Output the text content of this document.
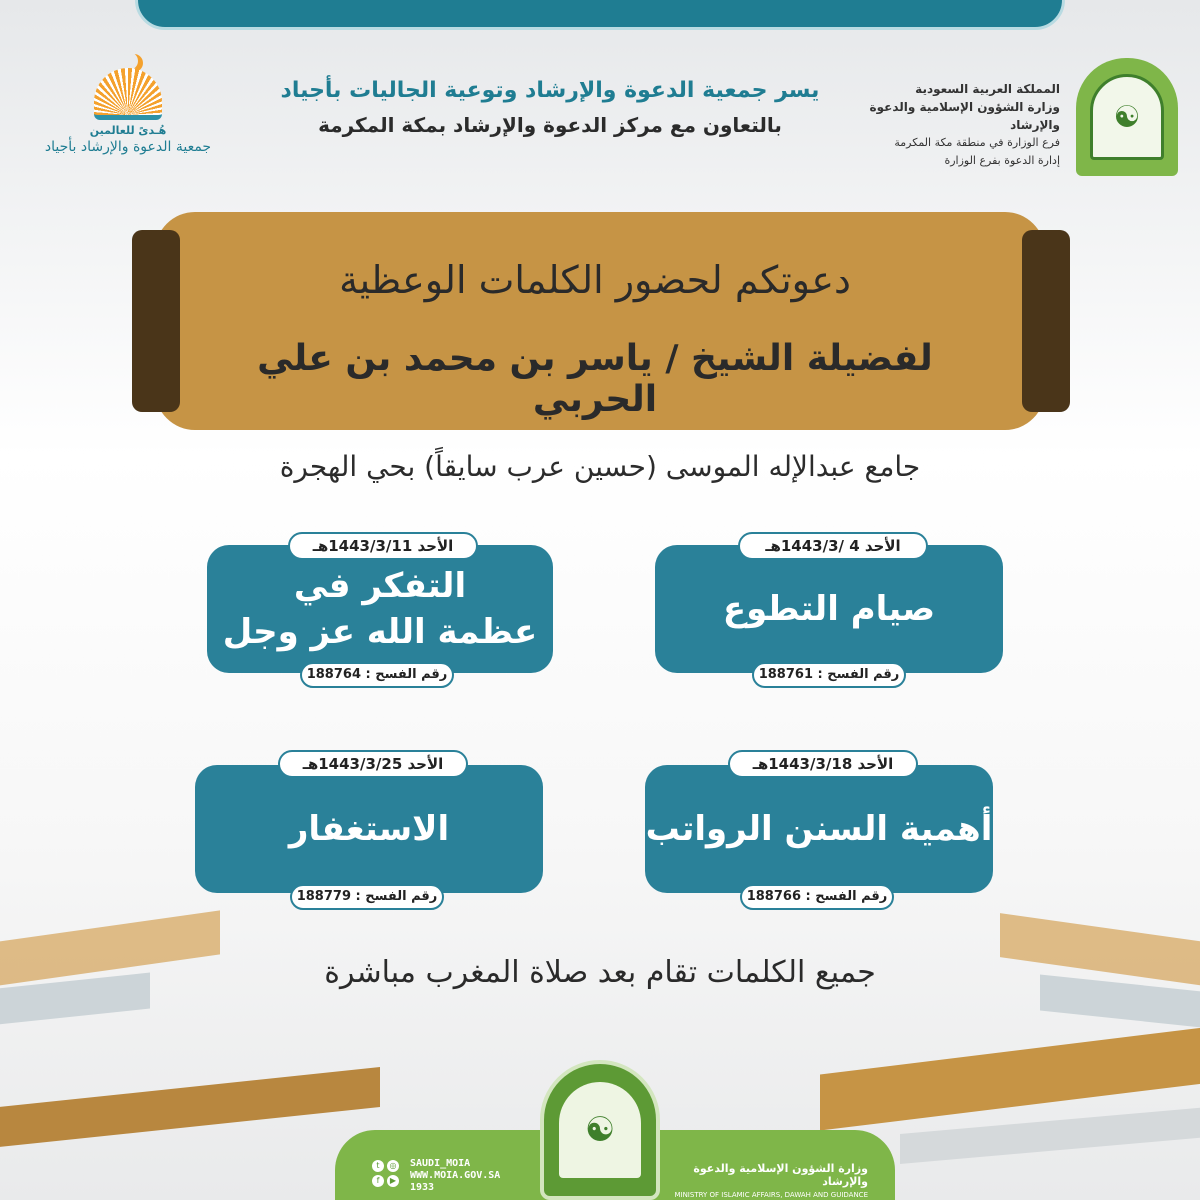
هُـدىً للعالمين
جمعية الدعوة والإرشاد بأجياد
يسر جمعية الدعوة والإرشاد وتوعية الجاليات بأجياد
بالتعاون مع مركز الدعوة والإرشاد بمكة المكرمة
المملكة العربية السعودية
وزارة الشؤون الإسلامية والدعوة والإرشاد
فرع الوزارة في منطقة مكة المكرمة
إدارة الدعوة بفرع الوزارة
☯
دعوتكم لحضور الكلمات الوعظية
لفضيلة الشيخ / ياسر بن محمد بن علي الحربي
جامع عبدالإله الموسى (حسين عرب سايقاً) بحي الهجرة
صيام التطوع
الأحد 4 /1443/3هـ
رقم الفسح : 188761
التفكر في
عظمة الله عز وجل
الأحد 1443/3/11هـ
رقم الفسح : 188764
أهمية السنن الرواتب
الأحد 1443/3/18هـ
رقم الفسح : 188766
الاستغفار
الأحد 1443/3/25هـ
رقم الفسح : 188779
جميع الكلمات تقام بعد صلاة المغرب مباشرة
☯
t	◎
f	▶
SAUDI_MOIA
WWW.MOIA.GOV.SA
1933
وزارة الشؤون الإسلامية والدعوة والإرشاد
MINISTRY OF ISLAMIC AFFAIRS, DAWAH AND GUIDANCE
